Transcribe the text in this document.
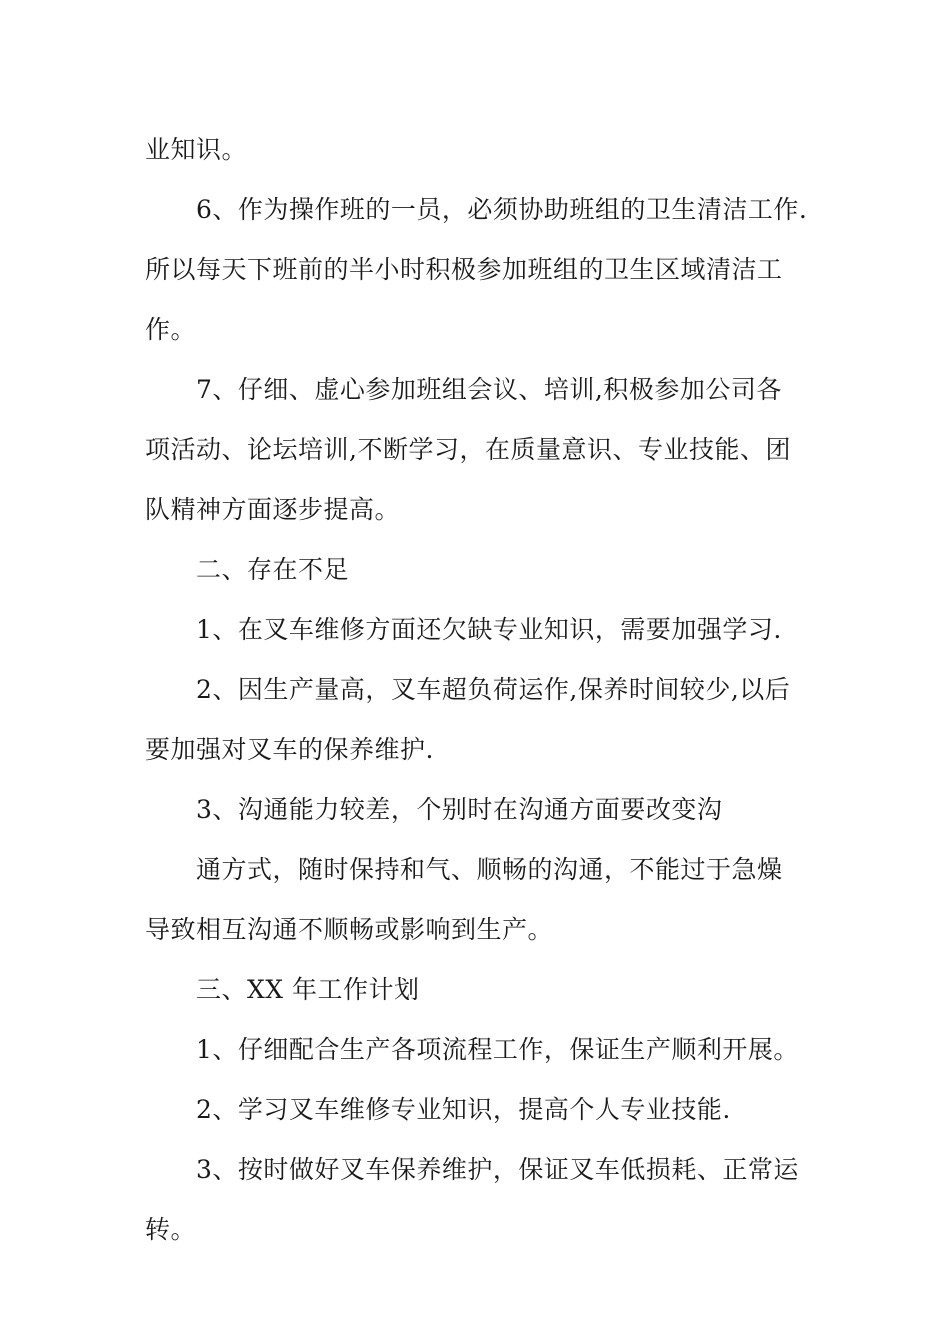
业知识。
6、作为操作班的一员，必须协助班组的卫生清洁工作.
所以每天下班前的半小时积极参加班组的卫生区域清洁工
作。
7、仔细、虚心参加班组会议、培训,积极参加公司各
项活动、论坛培训,不断学习，在质量意识、专业技能、团
队精神方面逐步提高。
二、存在不足
1、在叉车维修方面还欠缺专业知识，需要加强学习.
2、因生产量高，叉车超负荷运作,保养时间较少,以后
要加强对叉车的保养维护.
3、沟通能力较差，个别时在沟通方面要改变沟
通方式，随时保持和气、顺畅的沟通，不能过于急燥
导致相互沟通不顺畅或影响到生产。
三、XX 年工作计划
1、仔细配合生产各项流程工作，保证生产顺利开展。
2、学习叉车维修专业知识，提高个人专业技能.
3、按时做好叉车保养维护，保证叉车低损耗、正常运
转。
